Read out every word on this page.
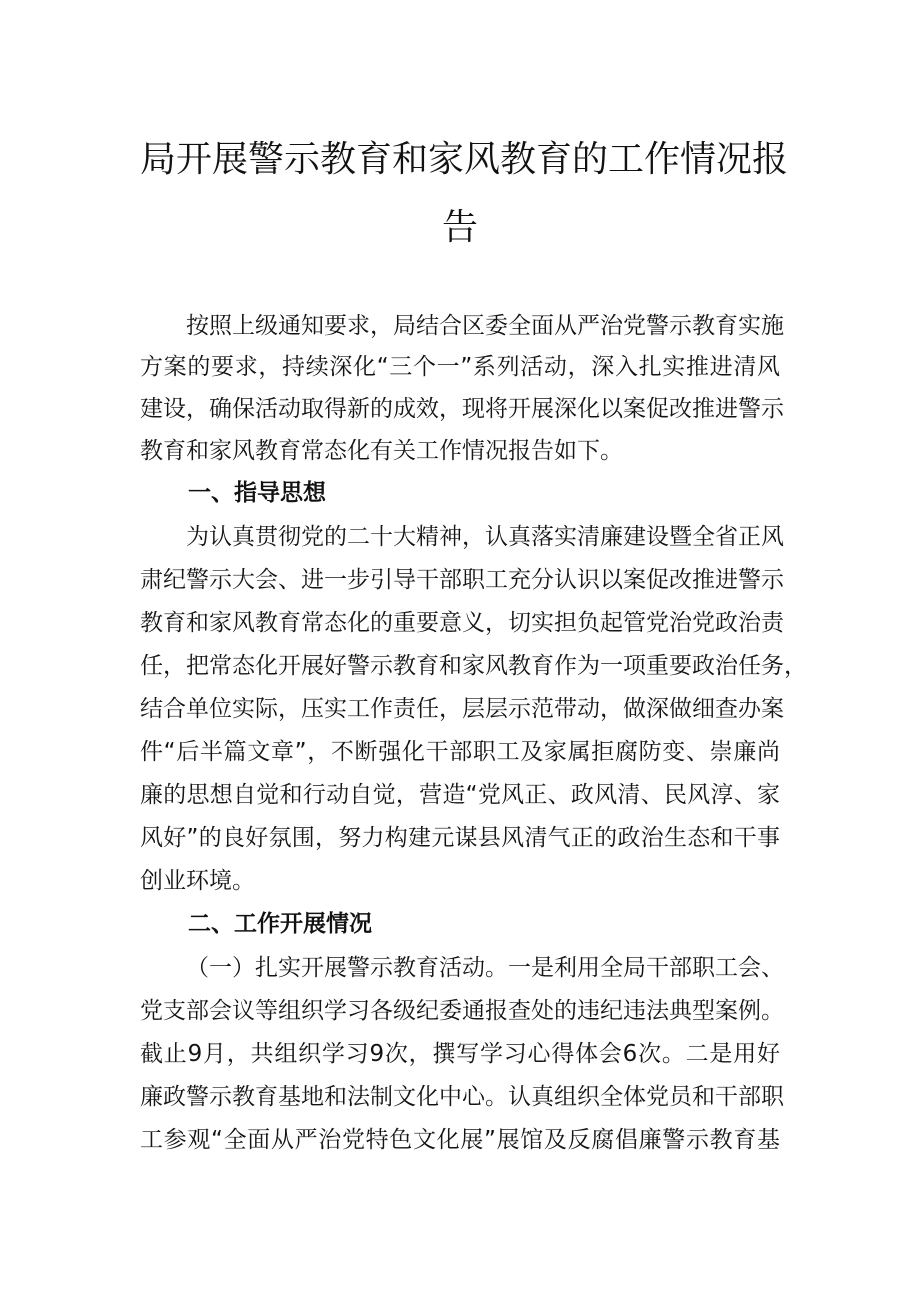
局开展警示教育和家风教育的工作情况报
告
按照上级通知要求，局结合区委全面从严治党警示教育实施
方案的要求，持续深化“三个一”系列活动，深入扎实推进清风
建设，确保活动取得新的成效，现将开展深化以案促改推进警示
教育和家风教育常态化有关工作情况报告如下。
一、指导思想
为认真贯彻党的二十大精神，认真落实清廉建设暨全省正风
肃纪警示大会、进一步引导干部职工充分认识以案促改推进警示
教育和家风教育常态化的重要意义，切实担负起管党治党政治责
任，把常态化开展好警示教育和家风教育作为一项重要政治任务，
结合单位实际，压实工作责任，层层示范带动，做深做细查办案
件“后半篇文章”，不断强化干部职工及家属拒腐防变、崇廉尚
廉的思想自觉和行动自觉，营造“党风正、政风清、民风淳、家
风好”的良好氛围，努力构建元谋县风清气正的政治生态和干事
创业环境。
二、工作开展情况
（一）扎实开展警示教育活动。一是利用全局干部职工会、
党支部会议等组织学习各级纪委通报查处的违纪违法典型案例。
截止9月，共组织学习9次，撰写学习心得体会6次。二是用好
廉政警示教育基地和法制文化中心。认真组织全体党员和干部职
工参观“全面从严治党特色文化展”展馆及反腐倡廉警示教育基
